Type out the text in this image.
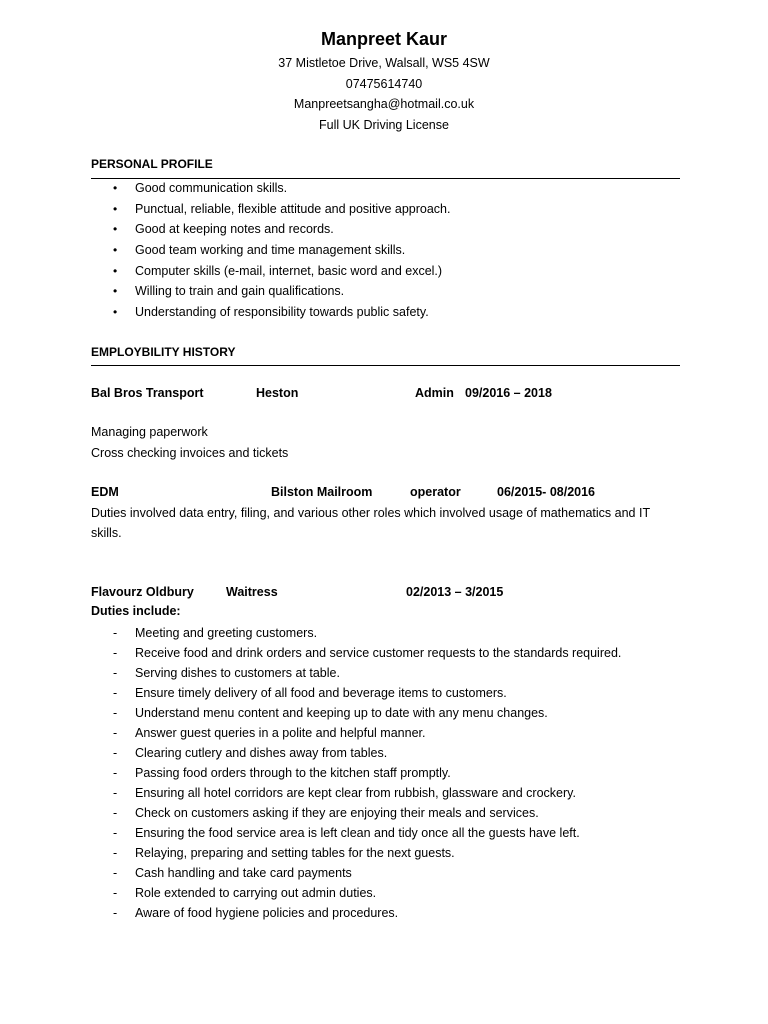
Manpreet Kaur
37 Mistletoe Drive, Walsall, WS5 4SW
07475614740
Manpreetsangha@hotmail.co.uk
Full UK Driving License
PERSONAL PROFILE
• Good communication skills.
• Punctual, reliable, flexible attitude and positive approach.
• Good at keeping notes and records.
• Good team working and time management skills.
• Computer skills (e-mail, internet, basic word and excel.)
• Willing to train and gain qualifications.
• Understanding of responsibility towards public safety.
EMPLOYBILITY HISTORY
Bal Bros Transport	Heston	Admin 09/2016 – 2018
Managing paperwork
Cross checking invoices and tickets
EDM	Bilston Mailroom	operator	06/2015- 08/2016
Duties involved data entry, filing, and various other roles which involved usage of mathematics and IT skills.
Flavourz Oldbury	Waitress	02/2013 – 3/2015
Duties include:
- Meeting and greeting customers.
- Receive food and drink orders and service customer requests to the standards required.
- Serving dishes to customers at table.
- Ensure timely delivery of all food and beverage items to customers.
- Understand menu content and keeping up to date with any menu changes.
- Answer guest queries in a polite and helpful manner.
- Clearing cutlery and dishes away from tables.
- Passing food orders through to the kitchen staff promptly.
- Ensuring all hotel corridors are kept clear from rubbish, glassware and crockery.
- Check on customers asking if they are enjoying their meals and services.
- Ensuring the food service area is left clean and tidy once all the guests have left.
- Relaying, preparing and setting tables for the next guests.
- Cash handling and take card payments
- Role extended to carrying out admin duties.
- Aware of food hygiene policies and procedures.
